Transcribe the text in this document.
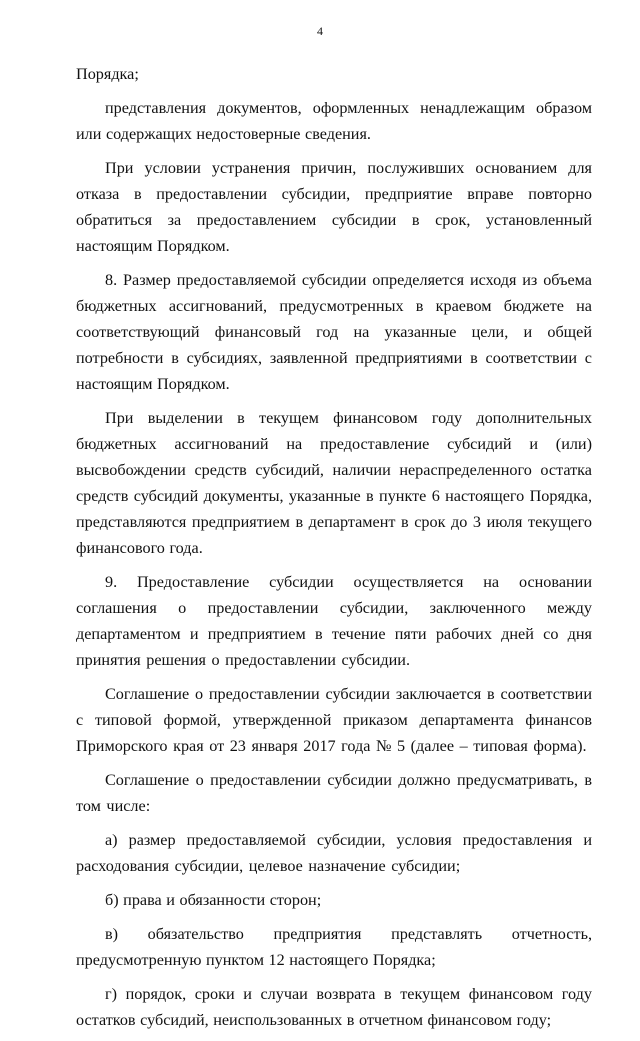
4

Порядка;

представления документов, оформленных ненадлежащим образом или содержащих недостоверные сведения.

При условии устранения причин, послуживших основанием для отказа в предоставлении субсидии, предприятие вправе повторно обратиться за предоставлением субсидии в срок, установленный настоящим Порядком.

8. Размер предоставляемой субсидии определяется исходя из объема бюджетных ассигнований, предусмотренных в краевом бюджете на соответствующий финансовый год на указанные цели, и общей потребности в субсидиях, заявленной предприятиями в соответствии с настоящим Порядком.

При выделении в текущем финансовом году дополнительных бюджетных ассигнований на предоставление субсидий и (или) высвобождении средств субсидий, наличии нераспределенного остатка средств субсидий документы, указанные в пункте 6 настоящего Порядка, представляются предприятием в департамент в срок до 3 июля текущего финансового года.

9. Предоставление субсидии осуществляется на основании соглашения о предоставлении субсидии, заключенного между департаментом и предприятием в течение пяти рабочих дней со дня принятия решения о предоставлении субсидии.

Соглашение о предоставлении субсидии заключается в соответствии с типовой формой, утвержденной приказом департамента финансов Приморского края от 23 января 2017 года № 5 (далее – типовая форма).

Соглашение о предоставлении субсидии должно предусматривать, в том числе:

а) размер предоставляемой субсидии, условия предоставления и расходования субсидии, целевое назначение субсидии;

б) права и обязанности сторон;

в) обязательство предприятия представлять отчетность, предусмотренную пунктом 12 настоящего Порядка;

г) порядок, сроки и случаи возврата в текущем финансовом году остатков субсидий, неиспользованных в отчетном финансовом году;
